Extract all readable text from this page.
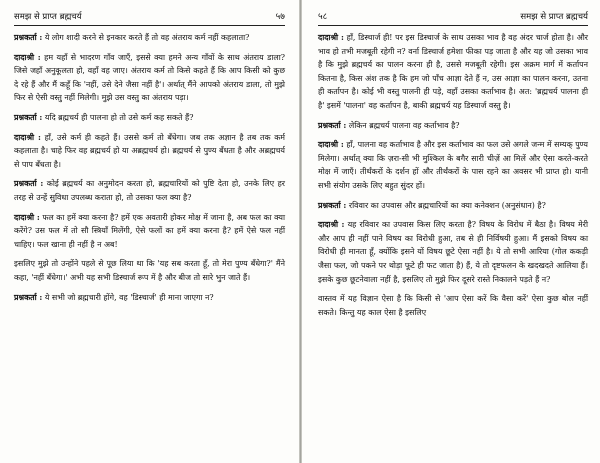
समझ से प्राप्त ब्रह्मचर्य	५७

प्रश्नकर्ता : ये लोग शादी करने से इनकार करते हैं तो वह अंतराय कर्म नहीं कहलाता?

दादाश्री : हम यहाँ से भादरण गाँव जाएँ, इससे क्या हमने अन्य गाँवों के साथ अंतराय डाला? जिसे जहाँ अनुकूलता हो, वहाँ वह जाए। अंतराय कर्म तो किसे कहते हैं कि आप किसी को कुछ दे रहे हैं और मैं कहूँ कि 'नहीं, उसे देने जैसा नहीं है'। अर्थात् मैंने आपको अंतराय डाला, तो मुझे फिर से ऐसी वस्तु नहीं मिलेगी। मुझे उस वस्तु का अंतराय पड़ा।

प्रश्नकर्ता : यदि ब्रह्मचर्य ही पालना हो तो उसे कर्म कह सकते हैं?

दादाश्री : हाँ, उसे कर्म ही कहते हैं। उससे कर्म तो बँधेगा। जब तक अज्ञान है तब तक कर्म कहलाता है। चाहे फिर वह ब्रह्मचर्य हो या अब्रह्मचर्य हो। ब्रह्मचर्य से पुण्य बँधता है और अब्रह्मचर्य से पाप बँधता है।

प्रश्नकर्ता : कोई ब्रह्मचर्य का अनुमोदन करता हो, ब्रह्मचारियों को पुष्टि देता हो, उनके लिए हर तरह से उन्हें सुविधा उपलब्ध कराता हो, तो उसका फल क्या है?

दादाश्री : फल का हमें क्या करना है? हमें एक अवतारी होकर मोक्ष में जाना है, अब फल का क्या करेंगे? उस फल में तो सौ स्त्रियाँ मिलेंगी, ऐसे फलों का हमें क्या करना है? हमें ऐसे फल नहीं चाहिए। फल खाना ही नहीं है न अब!

इसलिए मुझे तो उन्होंने पहले से पूछ लिया था कि 'यह सब करता हूँ, तो मेरा पुण्य बँधेगा?' मैंने कहा, 'नहीं बँधेगा।' अभी यह सभी डिस्चार्ज रूप में है और बीज तो सारे भुन जाते हैं।

प्रश्नकर्ता : ये सभी जो ब्रह्मचारी होंगे, वह 'डिस्चार्ज' ही माना जाएगा न?

५८	समझ से प्राप्त ब्रह्मचर्य

दादाश्री : हाँ, डिस्चार्ज ही! पर इस डिस्चार्ज के साथ उसका भाव है वह अंदर चार्ज होता है। और भाव हो तभी मजबूती रहेगी न? वर्ना डिस्चार्ज हमेशा फीका पड़ जाता है और यह जो उसका भाव है कि मुझे ब्रह्मचर्य का पालन करना ही है, उससे मजबूती रहेगी। इस अक्रम मार्ग में कर्तापन कितना है, किस अंश तक है कि हम जो पाँच आज्ञा देते हैं न, उस आज्ञा का पालन करना, उतना ही कर्तापन है। कोई भी वस्तु पालनी ही पड़े, वहाँ उसका कर्ताभाव है। अत: 'ब्रह्मचर्य पालना ही है' इसमें 'पालना' वह कर्तापन है, बाकी ब्रह्मचर्य यह डिस्चार्ज वस्तु है।

प्रश्नकर्ता : लेकिन ब्रह्मचर्य पालना वह कर्ताभाव है?

दादाश्री : हाँ, पालना वह कर्ताभाव है और इस कर्ताभाव का फल उसे अगले जन्म में सम्यक् पुण्य मिलेगा। अर्थात् क्या कि ज़रा-सी भी मुश्किल के बगैर सारी चीज़ें आ मिलें और ऐसा करते-करते मोक्ष में जाएँ। तीर्थंकरों के दर्शन हों और तीर्थंकरों के पास रहने का अवसर भी प्राप्त हो। यानी सभी संयोग उसके लिए बहुत सुंदर हों।

प्रश्नकर्ता : रविवार का उपवास और ब्रह्मचारियों का क्या कनेक्शन (अनुसंधान) है?

दादाश्री : यह रविवार का उपवास किस लिए करता है? विषय के विरोध में बैठा है। विषय मेरी और आप ही नहीं पाने विषय का विरोधी हुआ, तब से ही निर्विषयी हुआ। मैं इसको विषय का विरोधी ही मानता हूँ, क्योंकि इसने यों विषय छूटे ऐसा नहीं है। ये तो सभी आरिया (गोल ककड़ी जैसा फल, जो पकने पर थोड़ा फूटे ही फट जाता है) हैं, ये तो दृष्टफलन के खदखदते आलिया हैं। इसके कुछ छूटनेवाला नहीं है, इसलिए तो मुझे फिर दूसरे रास्ते निकालने पड़ते हैं न?

वास्तव में यह विज्ञान ऐसा है कि किसी से 'आप ऐसा करें कि वैसा करें' ऐसा कुछ बोल नहीं सकते। किन्तु यह काल ऐसा है इसलिए
